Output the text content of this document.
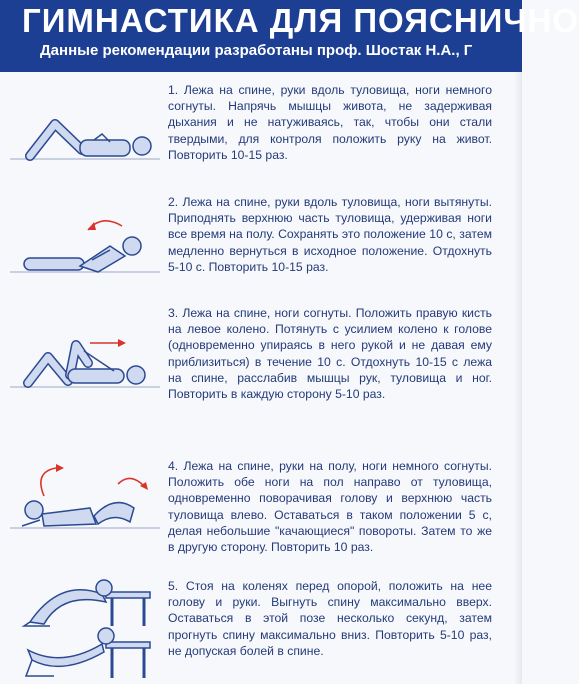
ГИМНАСТИКА ДЛЯ ПОЯСНИЧНО
Данные рекомендации разработаны проф. Шостак Н.А., Г
1. Лежа на спине, руки вдоль туловища, ноги немного согнуты. Напрячь мышцы живота, не задерживая дыхания и не натуживаясь, так, чтобы они стали твердыми, для контроля положить руку на живот. Повторить 10-15 раз.
2. Лежа на спине, руки вдоль туловища, ноги вытянуты. Приподнять верхнюю часть туловища, удерживая ноги все время на полу. Сохранять это положение 10 с, затем медленно вернуться в исходное положение. Отдохнуть 5-10 с. Повторить 10-15 раз.
3. Лежа на спине, ноги согнуты. Положить правую кисть на левое колено. Потянуть с усилием колено к голове (одновременно упираясь в него рукой и не давая ему приблизиться) в течение 10 с. Отдохнуть 10-15 с лежа на спине, расслабив мышцы рук, туловища и ног. Повторить в каждую сторону 5-10 раз.
4. Лежа на спине, руки на полу, ноги немного согнуты. Положить обе ноги на пол направо от туловища, одновременно поворачивая голову и верхнюю часть туловища влево. Оставаться в таком положении 5 с, делая небольшие "качающиеся" повороты. Затем то же в другую сторону. Повторить 10 раз.
5. Стоя на коленях перед опорой, положить на нее голову и руки. Выгнуть спину максимально вверх. Оставаться в этой позе несколько секунд, затем прогнуть спину максимально вниз. Повторить 5-10 раз, не допуская болей в спине.
